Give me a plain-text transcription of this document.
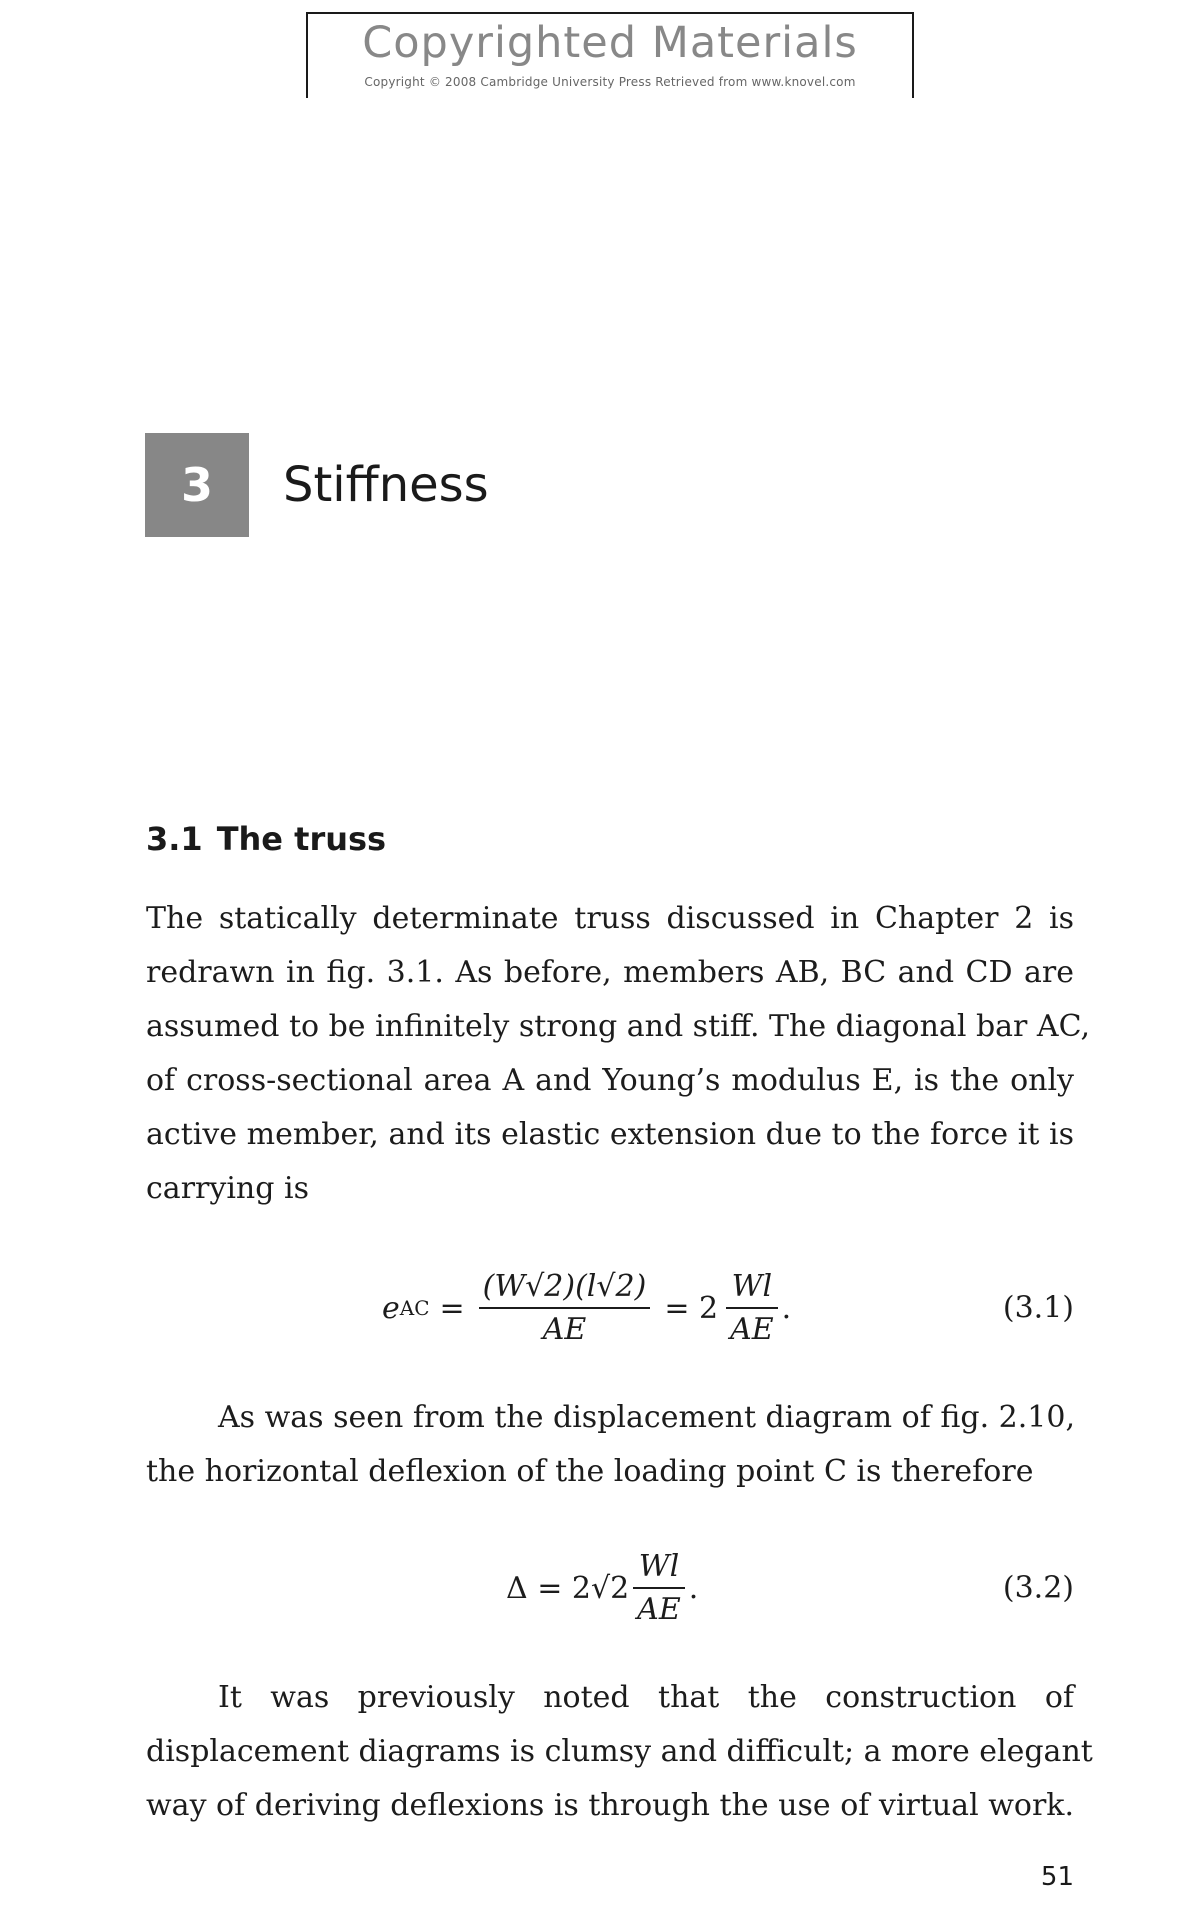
Copyrighted Materials
Copyright © 2008 Cambridge University Press Retrieved from www.knovel.com
3 Stiffness
3.1 The truss
The statically determinate truss discussed in Chapter 2 is
redrawn in fig. 3.1. As before, members AB, BC and CD are
assumed to be infinitely strong and stiff. The diagonal bar AC,
of cross-sectional area A and Young’s modulus E, is the only
active member, and its elastic extension due to the force it is
carrying is
e AC = $\frac{(W√2)(l√2)}{AE} = 2 \frac{Wl}{AE}$ .	(3.1)
As was seen from the displacement diagram of fig. 2.10,
the horizontal deflexion of the loading point C is therefore
$\Delta = 2√2 \frac{Wl}{AE}$ .	(3.2)
It was previously noted that the construction of
displacement diagrams is clumsy and difficult; a more elegant
way of deriving deflexions is through the use of virtual work.
51
